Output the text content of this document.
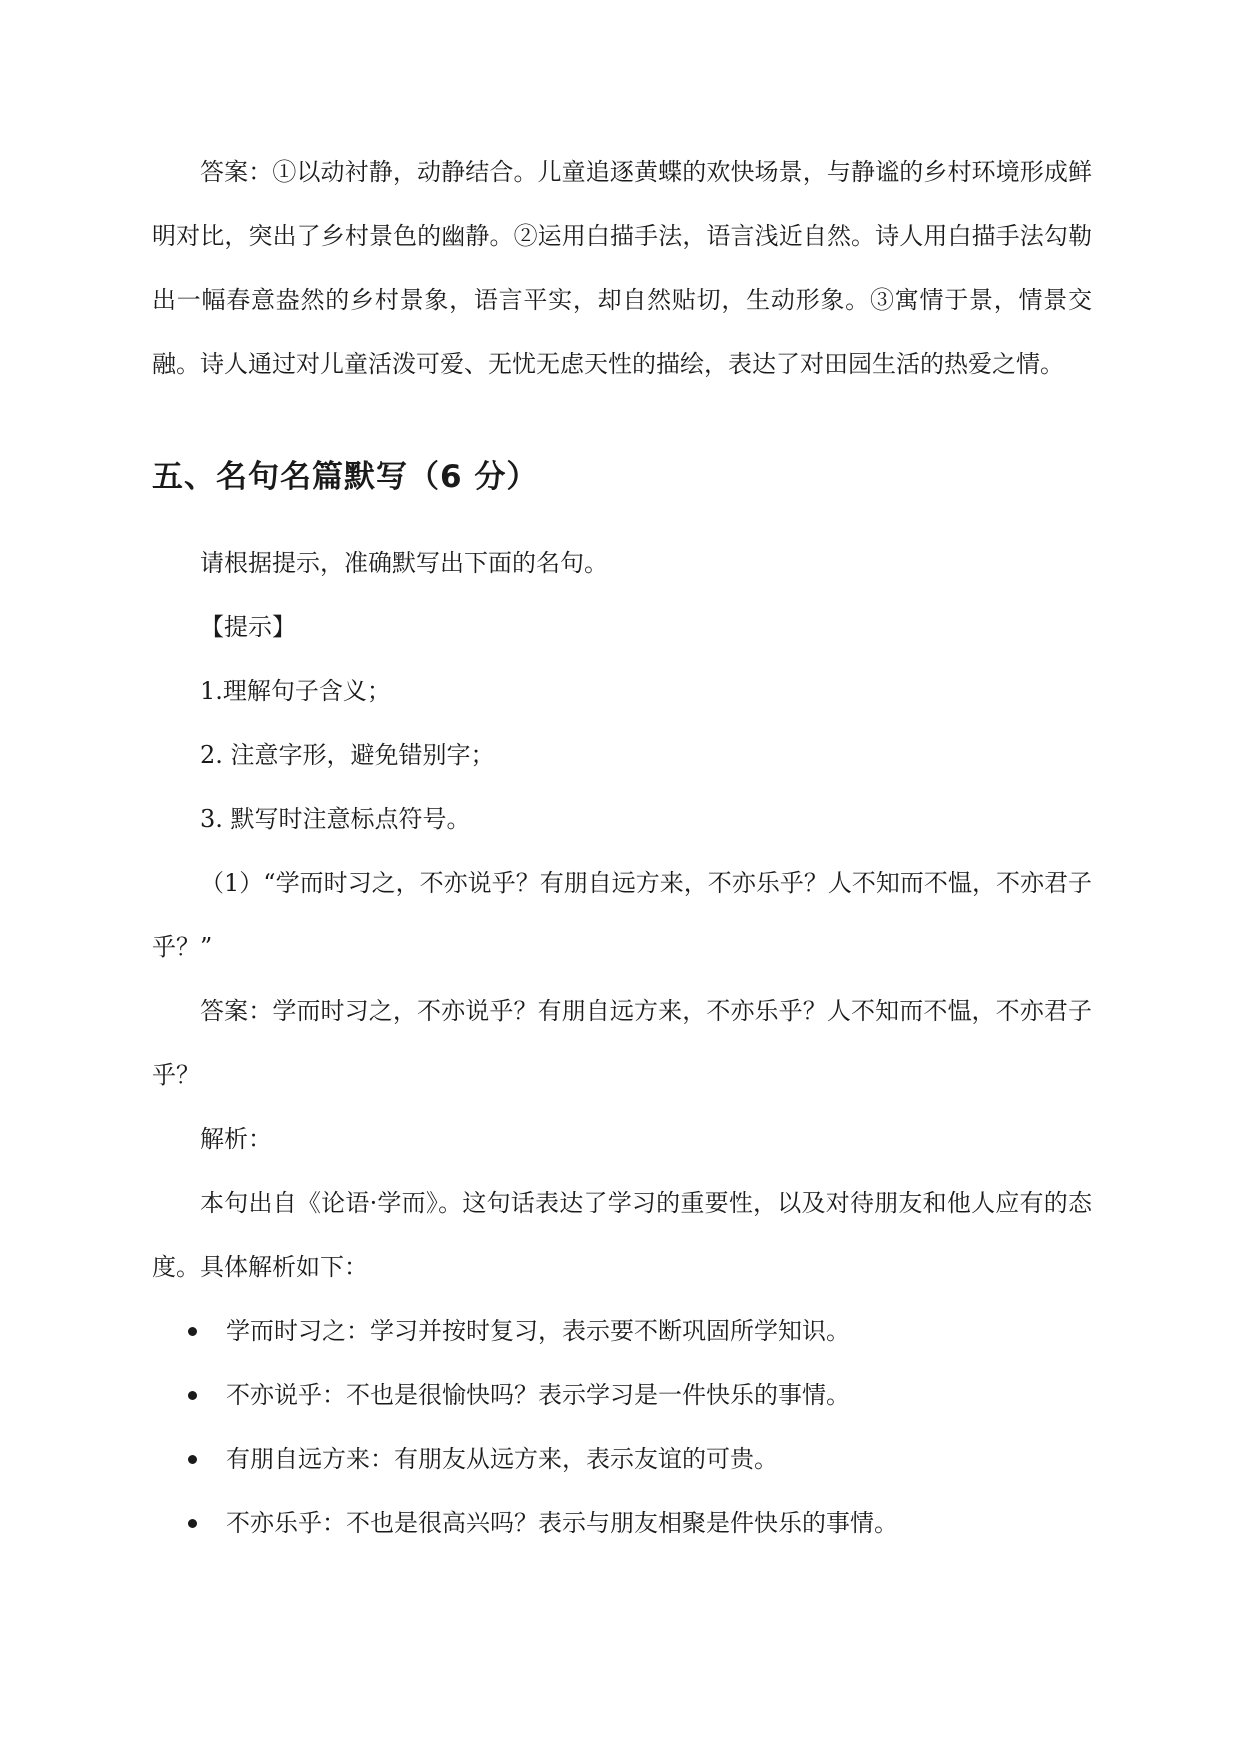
答案：①以动衬静，动静结合。儿童追逐黄蝶的欢快场景，与静谧的乡村环境形成鲜明对比，突出了乡村景色的幽静。②运用白描手法，语言浅近自然。诗人用白描手法勾勒出一幅春意盎然的乡村景象，语言平实，却自然贴切，生动形象。③寓情于景，情景交融。诗人通过对儿童活泼可爱、无忧无虑天性的描绘，表达了对田园生活的热爱之情。

五、名句名篇默写（6 分）

请根据提示，准确默写出下面的名句。

【提示】

1.理解句子含义；

2. 注意字形，避免错别字；

3. 默写时注意标点符号。

（1）“学而时习之，不亦说乎？有朋自远方来，不亦乐乎？人不知而不愠，不亦君子乎？”

答案：学而时习之，不亦说乎？有朋自远方来，不亦乐乎？人不知而不愠，不亦君子乎？

解析：

本句出自《论语·学而》。这句话表达了学习的重要性，以及对待朋友和他人应有的态度。具体解析如下：

学而时习之：学习并按时复习，表示要不断巩固所学知识。
不亦说乎：不也是很愉快吗？表示学习是一件快乐的事情。
有朋自远方来：有朋友从远方来，表示友谊的可贵。
不亦乐乎：不也是很高兴吗？表示与朋友相聚是件快乐的事情。
